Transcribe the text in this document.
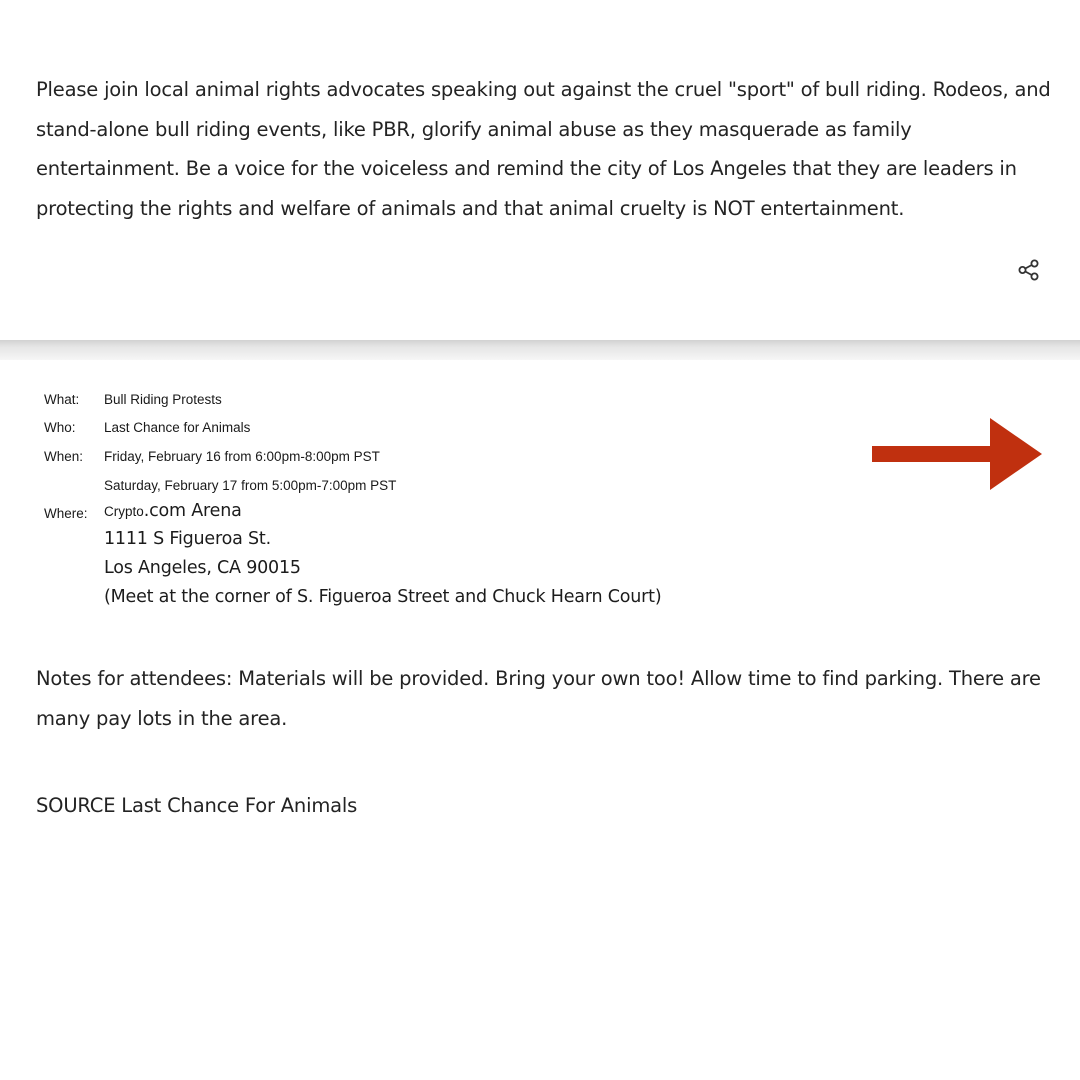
Please join local animal rights advocates speaking out against the cruel "sport" of bull riding. Rodeos, and stand-alone bull riding events, like PBR, glorify animal abuse as they masquerade as family entertainment. Be a voice for the voiceless and remind the city of Los Angeles that they are leaders in protecting the rights and welfare of animals and that animal cruelty is NOT entertainment.

What: Bull Riding Protests
Who: Last Chance for Animals
When: Friday, February 16 from 6:00pm-8:00pm PST
Saturday, February 17 from 5:00pm-7:00pm PST
Where: Crypto.com Arena
1111 S Figueroa St.
Los Angeles, CA 90015
(Meet at the corner of S. Figueroa Street and Chuck Hearn Court)

Notes for attendees: Materials will be provided. Bring your own too! Allow time to find parking. There are many pay lots in the area.

SOURCE Last Chance For Animals
